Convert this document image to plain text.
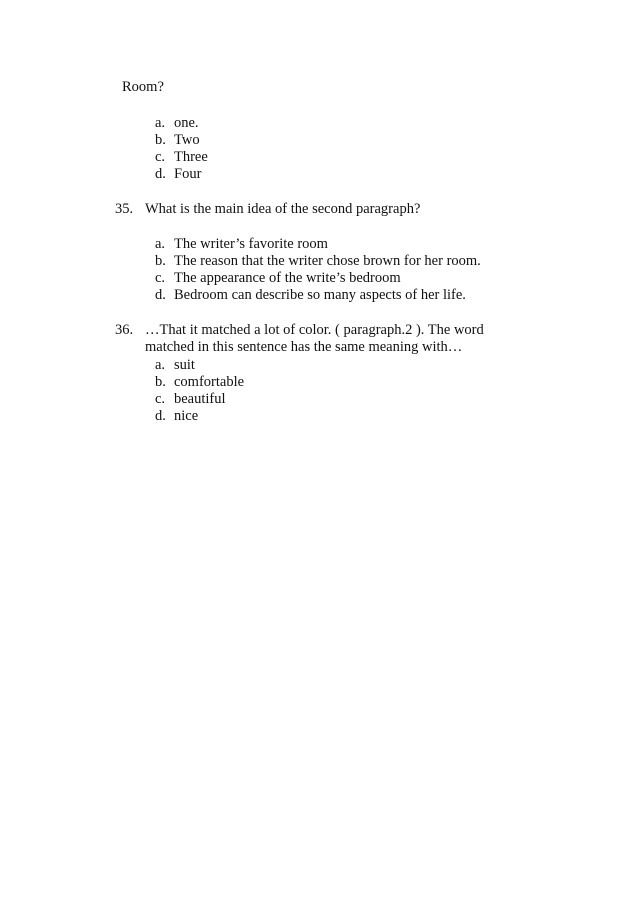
Room?
a. one.
b. Two
c. Three
d. Four
35. What is the main idea of the second paragraph?
a. The writer’s favorite room
b. The reason that the writer chose brown for her room.
c. The appearance of the write’s bedroom
d. Bedroom can describe so many aspects of her life.
36. …That it matched a lot of color. ( paragraph.2 ). The word
matched in this sentence has the same meaning with…
a. suit
b. comfortable
c. beautiful
d. nice
